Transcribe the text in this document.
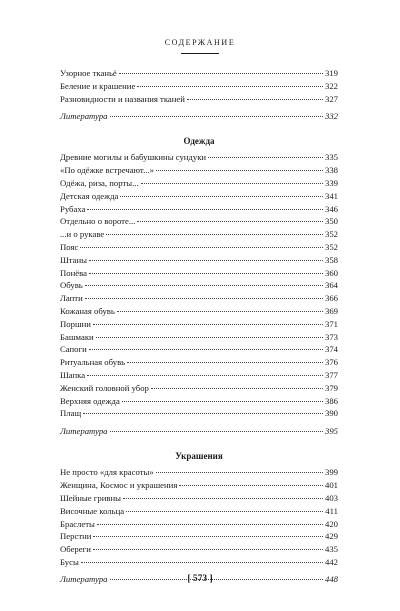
СОДЕРЖАНИЕ
Узорное тканьё	319
Беление и крашение	322
Разновидности и названия тканей	327
Литература	332
Одежда
Древние могилы и бабушкины сундуки	335
«По одёжке встречают...»	338
Одёжа, риза, порты...	339
Детская одежда	341
Рубаха	346
Отдельно о вороте...	350
...и о рукаве	352
Пояс	352
Штаны	358
Понёва	360
Обувь	364
Лапти	366
Кожаная обувь	369
Поршни	371
Башмаки	373
Сапоги	374
Ритуальная обувь	376
Шапка	377
Женский головной убор	379
Верхняя одежда	386
Плащ	390
Литература	395
Украшения
Не просто «для красоты»	399
Женщина, Космос и украшения	401
Шейные гривны	403
Височные кольца	411
Браслеты	420
Перстни	429
Обереги	435
Бусы	442
Литература	448
[ 573 ]
